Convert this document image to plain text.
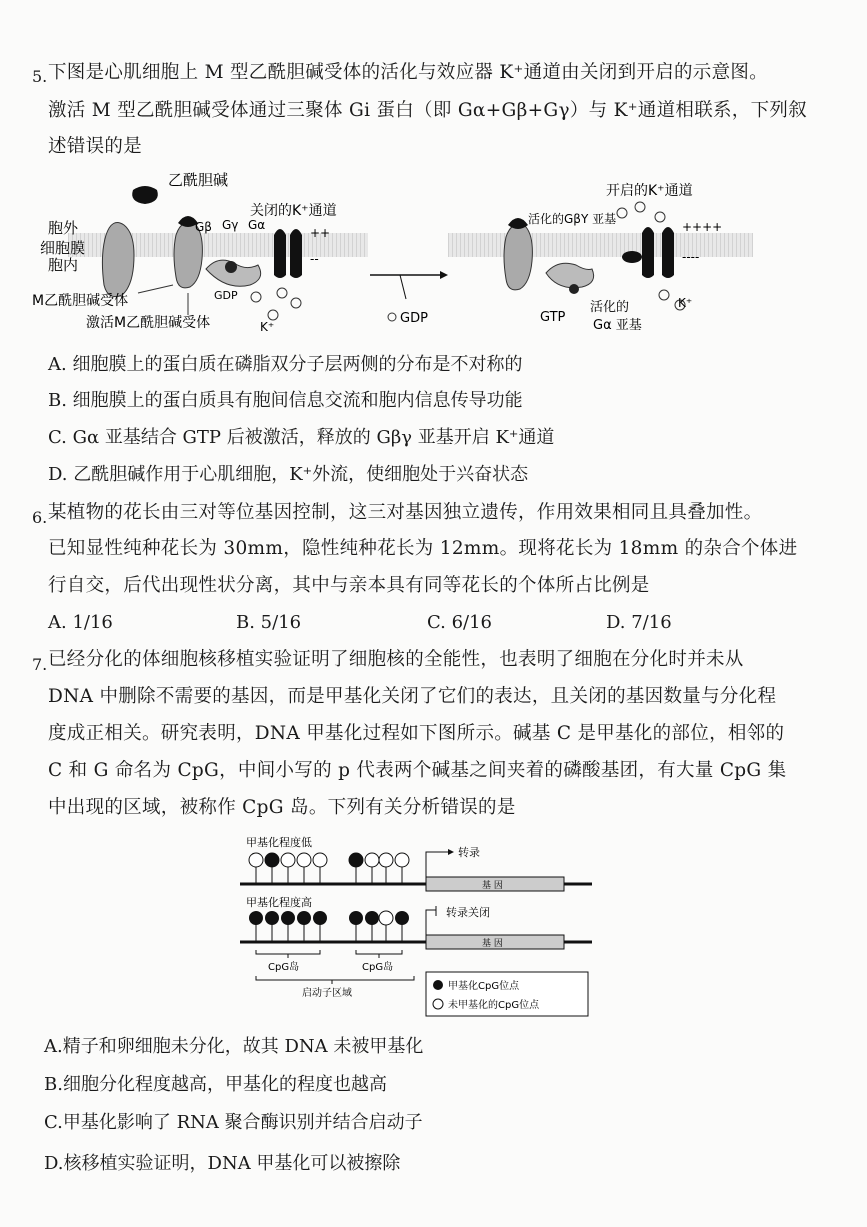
5. 下图是心肌细胞上 M 型乙酰胆碱受体的活化与效应器 K⁺通道由关闭到开启的示意图。
激活 M 型乙酰胆碱受体通过三聚体 Gi 蛋白（即 Gα+Gβ+Gγ）与 K⁺通道相联系，下列叙
述错误的是
乙酰胆碱
胞外
细胞膜
胞内
M乙酰胆碱受体
激活M乙酰胆碱受体
Gβ Gγ Gα
GDP
关闭的K⁺通道
++
--
K⁺
GDP	GTP
活化的
Gα 亚基
活化的GβY 亚基
开启的K⁺通道
++++
----
K⁺
A. 细胞膜上的蛋白质在磷脂双分子层两侧的分布是不对称的
B. 细胞膜上的蛋白质具有胞间信息交流和胞内信息传导功能
C. Gα 亚基结合 GTP 后被激活，释放的 Gβγ 亚基开启 K⁺通道
D. 乙酰胆碱作用于心肌细胞，K⁺外流，使细胞处于兴奋状态
6. 某植物的花长由三对等位基因控制，这三对基因独立遗传，作用效果相同且具叠加性。
已知显性纯种花长为 30mm，隐性纯种花长为 12mm。现将花长为 18mm 的杂合个体进
行自交，后代出现性状分离，其中与亲本具有同等花长的个体所占比例是
A. 1/16	B. 5/16	C. 6/16	D. 7/16
7. 已经分化的体细胞核移植实验证明了细胞核的全能性，也表明了细胞在分化时并未从
DNA 中删除不需要的基因，而是甲基化关闭了它们的表达，且关闭的基因数量与分化程
度成正相关。研究表明，DNA 甲基化过程如下图所示。碱基 C 是甲基化的部位，相邻的
C 和 G 命名为 CpG，中间小写的 p 代表两个碱基之间夹着的磷酸基团，有大量 CpG 集
中出现的区域，被称作 CpG 岛。下列有关分析错误的是
甲基化程度低
转录
基 因
甲基化程度高
转录关闭
基 因
CpG岛	CpG岛
启动子区域
甲基化CpG位点
未甲基化的CpG位点
A.精子和卵细胞未分化，故其 DNA 未被甲基化
B.细胞分化程度越高，甲基化的程度也越高
C.甲基化影响了 RNA 聚合酶识别并结合启动子
D.核移植实验证明，DNA 甲基化可以被擦除
